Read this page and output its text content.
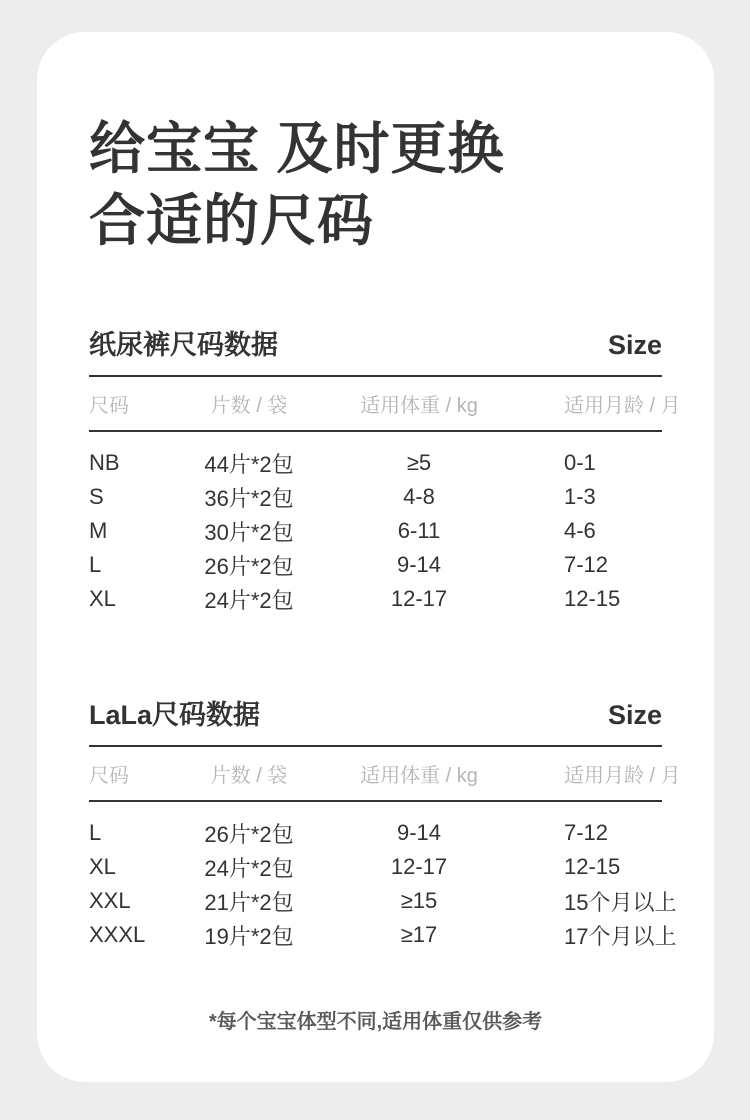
给宝宝 及时更换
合适的尺码
纸尿裤尺码数据	Size
尺码	片数 / 袋	适用体重 / kg	适用月龄 / 月
NB	44片*2包	≥5	0-1
S	36片*2包	4-8	1-3
M	30片*2包	6-11	4-6
L	26片*2包	9-14	7-12
XL	24片*2包	12-17	12-15
LaLa尺码数据	Size
尺码	片数 / 袋	适用体重 / kg	适用月龄 / 月
L	26片*2包	9-14	7-12
XL	24片*2包	12-17	12-15
XXL	21片*2包	≥15	15个月以上
XXXL	19片*2包	≥17	17个月以上
*每个宝宝体型不同,适用体重仅供参考
